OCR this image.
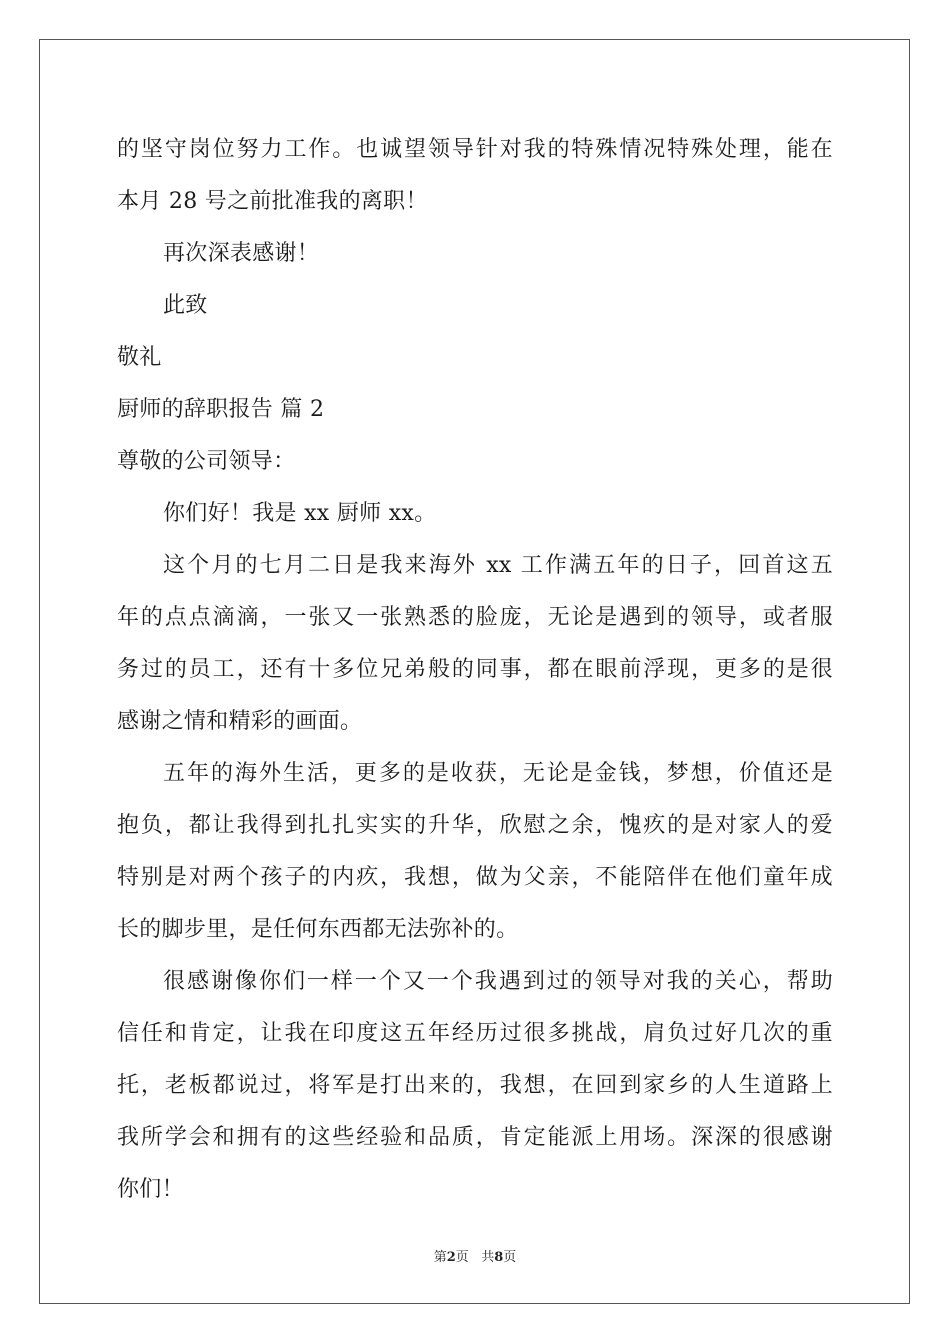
的坚守岗位努力工作。也诚望领导针对我的特殊情况特殊处理，能在
本月 28 号之前批准我的离职！
再次深表感谢！
此致
敬礼
厨师的辞职报告 篇 2
尊敬的公司领导：
你们好！我是 xx 厨师 xx。
这个月的七月二日是我来海外 xx 工作满五年的日子，回首这五
年的点点滴滴，一张又一张熟悉的脸庞，无论是遇到的领导，或者服
务过的员工，还有十多位兄弟般的同事，都在眼前浮现，更多的是很
感谢之情和精彩的画面。
五年的海外生活，更多的是收获，无论是金钱，梦想，价值还是
抱负，都让我得到扎扎实实的升华，欣慰之余，愧疚的是对家人的爱
特别是对两个孩子的内疚，我想，做为父亲，不能陪伴在他们童年成
长的脚步里，是任何东西都无法弥补的。
很感谢像你们一样一个又一个我遇到过的领导对我的关心，帮助
信任和肯定，让我在印度这五年经历过很多挑战，肩负过好几次的重
托，老板都说过，将军是打出来的，我想，在回到家乡的人生道路上
我所学会和拥有的这些经验和品质，肯定能派上用场。深深的很感谢
你们！
第2页 共8页
